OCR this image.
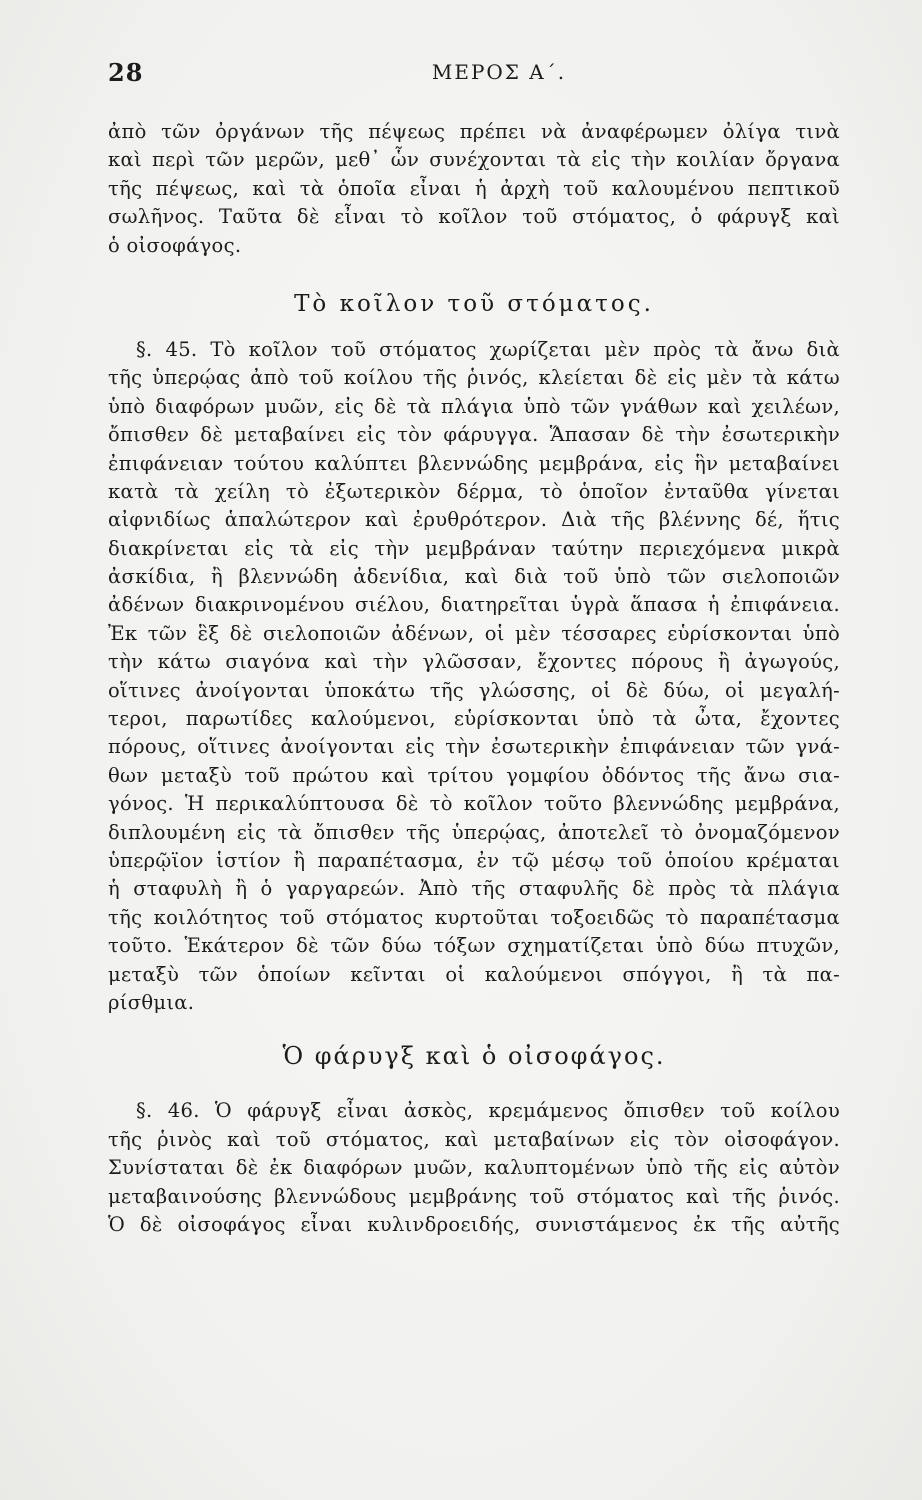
28	ΜΕΡΟΣ Α΄.
ἀπὸ τῶν ὀργάνων τῆς πέψεως πρέπει νὰ ἀναφέρωμεν ὀλίγα τινὰ
καὶ περὶ τῶν μερῶν, μεθ᾽ ὧν συνέχονται τὰ εἰς τὴν κοιλίαν ὄργανα
τῆς πέψεως, καὶ τὰ ὁποῖα εἶναι ἡ ἀρχὴ τοῦ καλουμένου πεπτικοῦ
σωλῆνος. Ταῦτα δὲ εἶναι τὸ κοῖλον τοῦ στόματος, ὁ φάρυγξ καὶ
ὁ οἰσοφάγος.
Τὸ κοῖλον τοῦ στόματος.
§. 45. Τὸ κοῖλον τοῦ στόματος χωρίζεται μὲν πρὸς τὰ ἄνω διὰ
τῆς ὑπερῴας ἀπὸ τοῦ κοίλου τῆς ῥινός, κλείεται δὲ εἰς μὲν τὰ κάτω
ὑπὸ διαφόρων μυῶν, εἰς δὲ τὰ πλάγια ὑπὸ τῶν γνάθων καὶ χειλέων,
ὄπισθεν δὲ μεταβαίνει εἰς τὸν φάρυγγα. Ἅπασαν δὲ τὴν ἐσωτερικὴν
ἐπιφάνειαν τούτου καλύπτει βλεννώδης μεμβράνα, εἰς ἣν μεταβαίνει
κατὰ τὰ χείλη τὸ ἐξωτερικὸν δέρμα, τὸ ὁποῖον ἐνταῦθα γίνεται
αἰφνιδίως ἁπαλώτερον καὶ ἐρυθρότερον. Διὰ τῆς βλέννης δέ, ἥτις
διακρίνεται εἰς τὰ εἰς τὴν μεμβράναν ταύτην περιεχόμενα μικρὰ
ἀσκίδια, ἢ βλεννώδη ἀδενίδια, καὶ διὰ τοῦ ὑπὸ τῶν σιελοποιῶν
ἀδένων διακρινομένου σιέλου, διατηρεῖται ὑγρὰ ἅπασα ἡ ἐπιφάνεια.
Ἐκ τῶν ἓξ δὲ σιελοποιῶν ἀδένων, οἱ μὲν τέσσαρες εὑρίσκονται ὑπὸ
τὴν κάτω σιαγόνα καὶ τὴν γλῶσσαν, ἔχοντες πόρους ἢ ἀγωγούς,
οἵτινες ἀνοίγονται ὑποκάτω τῆς γλώσσης, οἱ δὲ δύω, οἱ μεγαλή-
τεροι, παρωτίδες καλούμενοι, εὑρίσκονται ὑπὸ τὰ ὦτα, ἔχοντες
πόρους, οἵτινες ἀνοίγονται εἰς τὴν ἐσωτερικὴν ἐπιφάνειαν τῶν γνά-
θων μεταξὺ τοῦ πρώτου καὶ τρίτου γομφίου ὀδόντος τῆς ἄνω σια-
γόνος. Ἡ περικαλύπτουσα δὲ τὸ κοῖλον τοῦτο βλεννώδης μεμβράνα,
διπλουμένη εἰς τὰ ὄπισθεν τῆς ὑπερῴας, ἀποτελεῖ τὸ ὀνομαζόμενον
ὑπερῷϊον ἱστίον ἢ παραπέτασμα, ἐν τῷ μέσῳ τοῦ ὁποίου κρέμαται
ἡ σταφυλὴ ἢ ὁ γαργαρεών. Ἀπὸ τῆς σταφυλῆς δὲ πρὸς τὰ πλάγια
τῆς κοιλότητος τοῦ στόματος κυρτοῦται τοξοειδῶς τὸ παραπέτασμα
τοῦτο. Ἑκάτερον δὲ τῶν δύω τόξων σχηματίζεται ὑπὸ δύω πτυχῶν,
μεταξὺ τῶν ὁποίων κεῖνται οἱ καλούμενοι σπόγγοι, ἢ τὰ πα-
ρίσθμια.
Ὁ φάρυγξ καὶ ὁ οἰσοφάγος.
§. 46. Ὁ φάρυγξ εἶναι ἀσκὸς, κρεμάμενος ὄπισθεν τοῦ κοίλου
τῆς ῥινὸς καὶ τοῦ στόματος, καὶ μεταβαίνων εἰς τὸν οἰσοφάγον.
Συνίσταται δὲ ἐκ διαφόρων μυῶν, καλυπτομένων ὑπὸ τῆς εἰς αὐτὸν
μεταβαινούσης βλεννώδους μεμβράνης τοῦ στόματος καὶ τῆς ῥινός.
Ὁ δὲ οἰσοφάγος εἶναι κυλινδροειδής, συνιστάμενος ἐκ τῆς αὐτῆς
